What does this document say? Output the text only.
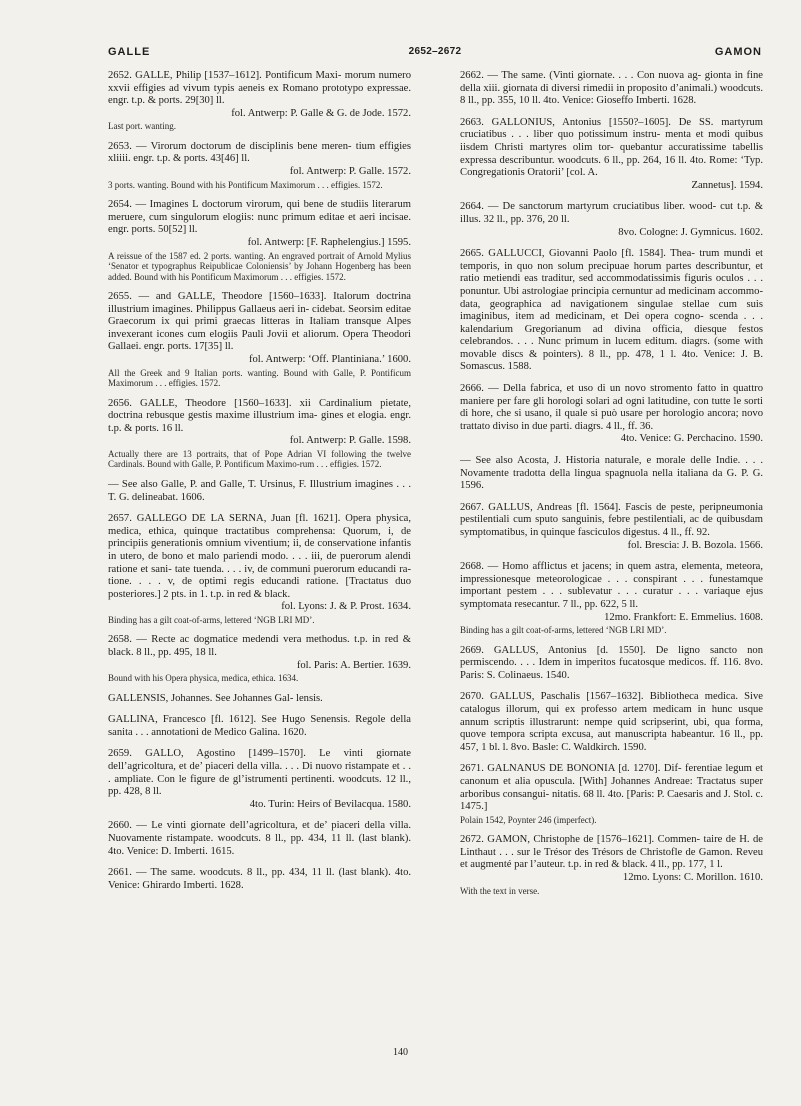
GALLE	2652–2672	GAMON
2652. GALLE, Philip [1537–1612]. Pontificum Maxi- morum numero xxvii effigies ad vivum typis aeneis ex Romano prototypo expressae. engr. t.p. & ports. 29[30] ll.
fol. Antwerp: P. Galle & G. de Jode. 1572.
Last port. wanting.
2653. — Virorum doctorum de disciplinis bene meren- tium effigies xliiii. engr. t.p. & ports. 43[46] ll.
fol. Antwerp: P. Galle. 1572.
3 ports. wanting. Bound with his Pontificum Maximorum . . . effigies. 1572.
2654. — Imagines L doctorum virorum, qui bene de studiis literarum meruere, cum singulorum elogiis: nunc primum editae et aeri incisae. engr. ports. 50[52] ll.
fol. Antwerp: [F. Raphelengius.] 1595.
A reissue of the 1587 ed. 2 ports. wanting. An engraved portrait of Arnold Mylius ‘Senator et typographus Reipublicae Coloniensis’ by Johann Hogenberg has been added. Bound with his Pontificum Maximorum . . . effigies. 1572.
2655. — and GALLE, Theodore [1560–1633]. Italorum doctrina illustrium imagines. Philippus Gallaeus aeri in- cidebat. Seorsim editae Graecorum ix qui primi graecas litteras in Italiam transque Alpes invexerant icones cum elogiis Pauli Jovii et aliorum. Opera Theodori Gallaei. engr. ports. 17[35] ll.
fol. Antwerp: ‘Off. Plantiniana.’ 1600.
All the Greek and 9 Italian ports. wanting. Bound with Galle, P. Pontificum Maximorum . . . effigies. 1572.
2656. GALLE, Theodore [1560–1633]. xii Cardinalium pietate, doctrina rebusque gestis maxime illustrium ima- gines et elogia. engr. t.p. & ports. 16 ll.
fol. Antwerp: P. Galle. 1598.
Actually there are 13 portraits, that of Pope Adrian VI following the twelve Cardinals. Bound with Galle, P. Pontificum Maximo-rum . . . effigies. 1572.
— See also Galle, P. and Galle, T. Ursinus, F. Illustrium imagines . . . T. G. delineabat. 1606.
2657. GALLEGO DE LA SERNA, Juan [fl. 1621]. Opera physica, medica, ethica, quinque tractatibus comprehensa: Quorum, i, de principiis generationis omnium viventium; ii, de conservatione infantis in utero, de bono et malo pariendi modo. . . . iii, de puerorum alendi ratione et sani- tate tuenda. . . . iv, de communi puerorum educandi ra- tione. . . . v, de optimi regis educandi ratione. [Tractatus duo posteriores.] 2 pts. in 1. t.p. in red & black.
fol. Lyons: J. & P. Prost. 1634.
Binding has a gilt coat-of-arms, lettered ‘NGB LRI MD’.
2658. — Recte ac dogmatice medendi vera methodus. t.p. in red & black. 8 ll., pp. 495, 18 ll.
fol. Paris: A. Bertier. 1639.
Bound with his Opera physica, medica, ethica. 1634.
GALLENSIS, Johannes. See Johannes Gal- lensis.
GALLINA, Francesco [fl. 1612]. See Hugo Senensis. Regole della sanita . . . annotationi de Medico Galina. 1620.
2659. GALLO, Agostino [1499–1570]. Le vinti giornate dell’agricoltura, et de’ piaceri della villa. . . . Di nuovo ristampate et . . . ampliate. Con le figure de gl’istrumenti pertinenti. woodcuts. 12 ll., pp. 428, 8 ll.
4to. Turin: Heirs of Bevilacqua. 1580.
2660. — Le vinti giornate dell’agricoltura, et de’ piaceri della villa. Nuovamente ristampate. woodcuts. 8 ll., pp. 434, 11 ll. (last blank). 4to. Venice: D. Imberti. 1615.
2661. — The same. woodcuts. 8 ll., pp. 434, 11 ll. (last blank). 4to. Venice: Ghirardo Imberti. 1628.
2662. — The same. (Vinti giornate. . . . Con nuova ag- gionta in fine della xiii. giornata di diversi rimedii in proposito d’animali.) woodcuts. 8 ll., pp. 355, 10 ll. 4to. Venice: Gioseffo Imberti. 1628.
2663. GALLONIUS, Antonius [1550?–1605]. De SS. martyrum cruciatibus . . . liber quo potissimum instru- menta et modi quibus iisdem Christi martyres olim tor- quebantur accuratissime tabellis expressa describuntur. woodcuts. 6 ll., pp. 264, 16 ll. 4to. Rome: ‘Typ. Congregationis Oratorii’ [col. A.
Zannetus]. 1594.
2664. — De sanctorum martyrum cruciatibus liber. wood- cut t.p. & illus. 32 ll., pp. 376, 20 ll.
8vo. Cologne: J. Gymnicus. 1602.
2665. GALLUCCI, Giovanni Paolo [fl. 1584]. Thea- trum mundi et temporis, in quo non solum precipuae horum partes describuntur, et ratio metiendi eas traditur, sed accommodatissimis figuris oculos . . . ponuntur. Ubi astrologiae principia cernuntur ad medicinam accommo- data, geographica ad navigationem singulae stellae cum suis imaginibus, item ad medicinam, et Dei opera cogno- scenda . . . kalendarium Gregorianum ad divina officia, diesque festos celebrandos. . . . Nunc primum in lucem editum. diagrs. (some with movable discs & pointers). 8 ll., pp. 478, 1 l. 4to. Venice: J. B. Somascus. 1588.
2666. — Della fabrica, et uso di un novo stromento fatto in quattro maniere per fare gli horologi solari ad ogni latitudine, con tutte le sorti di hore, che si usano, il quale si può usare per horologio ancora; novo trattato diviso in due parti. diagrs. 4 ll., ff. 36.
4to. Venice: G. Perchacino. 1590.
— See also Acosta, J. Historia naturale, e morale delle Indie. . . . Novamente tradotta della lingua spagnuola nella italiana da G. P. G. 1596.
2667. GALLUS, Andreas [fl. 1564]. Fascis de peste, peripneumonia pestilentiali cum sputo sanguinis, febre pestilentiali, ac de quibusdam symptomatibus, in quinque fasciculos digestus. 4 ll., ff. 92.
fol. Brescia: J. B. Bozola. 1566.
2668. — Homo afflictus et jacens; in quem astra, elementa, meteora, impressionesque meteorologicae . . . conspirant . . . funestamque important pestem . . . sublevatur . . . curatur . . . variaque ejus symptomata resecantur. 7 ll., pp. 622, 5 ll.
12mo. Frankfort: E. Emmelius. 1608.
Binding has a gilt coat-of-arms, lettered ‘NGB LRI MD’.
2669. GALLUS, Antonius [d. 1550]. De ligno sancto non permiscendo. . . . Idem in imperitos fucatosque medicos. ff. 116. 8vo. Paris: S. Colinaeus. 1540.
2670. GALLUS, Paschalis [1567–1632]. Bibliotheca medica. Sive catalogus illorum, qui ex professo artem medicam in hunc usque annum scriptis illustrarunt: nempe quid scripserint, ubi, qua forma, quove tempora scripta excusa, aut manuscripta habeantur. 16 ll., pp. 457, 1 bl. l. 8vo. Basle: C. Waldkirch. 1590.
2671. GALNANUS DE BONONIA [d. 1270]. Dif- ferentiae legum et canonum et alia opuscula. [With] Johannes Andreae: Tractatus super arboribus consangui- nitatis. 68 ll. 4to. [Paris: P. Caesaris and J. Stol. c. 1475.]
Polain 1542, Poynter 246 (imperfect).
2672. GAMON, Christophe de [1576–1621]. Commen- taire de H. de Linthaut . . . sur le Trésor des Trésors de Christofle de Gamon. Reveu et augmenté par l’auteur. t.p. in red & black. 4 ll., pp. 177, 1 l.
12mo. Lyons: C. Morillon. 1610.
With the text in verse.
140
